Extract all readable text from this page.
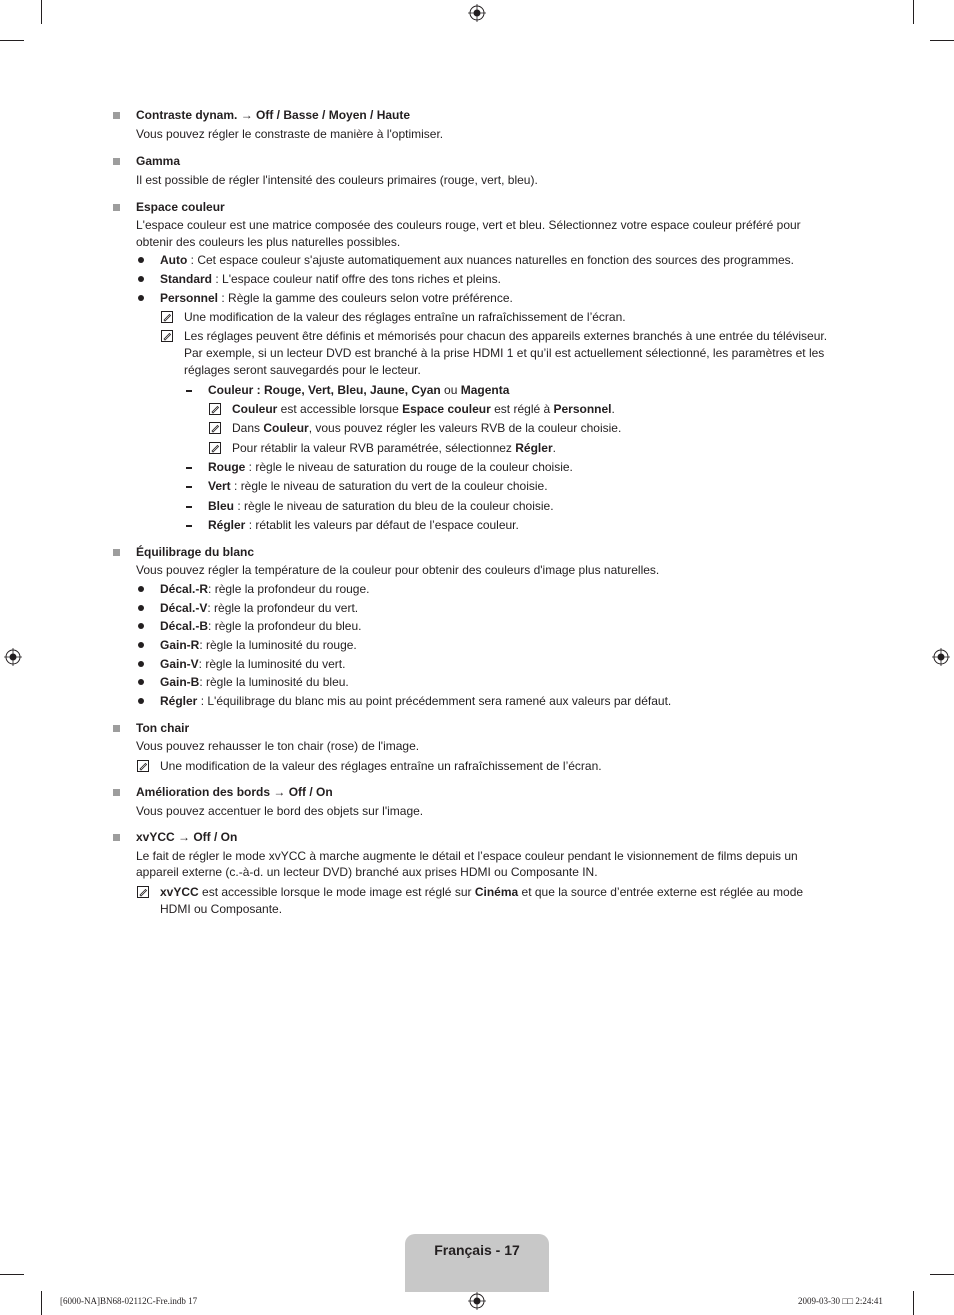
Contraste dynam. → Off / Basse / Moyen / Haute
Vous pouvez régler le constraste de manière à l'optimiser.
Gamma
Il est possible de régler l'intensité des couleurs primaires (rouge, vert, bleu).
Espace couleur
L'espace couleur est une matrice composée des couleurs rouge, vert et bleu. Sélectionnez votre espace couleur préféré pour
obtenir des couleurs les plus naturelles possibles.
Auto : Cet espace couleur s'ajuste automatiquement aux nuances naturelles en fonction des sources des programmes.
Standard : L'espace couleur natif offre des tons riches et pleins.
Personnel : Règle la gamme des couleurs selon votre préférence.
Une modification de la valeur des réglages entraîne un rafraîchissement de l’écran.
Les réglages peuvent être définis et mémorisés pour chacun des appareils externes branchés à une entrée du téléviseur.
Par exemple, si un lecteur DVD est branché à la prise HDMI 1 et qu’il est actuellement sélectionné, les paramètres et les
réglages seront sauvegardés pour le lecteur.
Couleur : Rouge, Vert, Bleu, Jaune, Cyan ou Magenta
Couleur est accessible lorsque Espace couleur est réglé à Personnel.
Dans Couleur, vous pouvez régler les valeurs RVB de la couleur choisie.
Pour rétablir la valeur RVB paramétrée, sélectionnez Régler.
Rouge : règle le niveau de saturation du rouge de la couleur choisie.
Vert : règle le niveau de saturation du vert de la couleur choisie.
Bleu : règle le niveau de saturation du bleu de la couleur choisie.
Régler : rétablit les valeurs par défaut de l’espace couleur.
Équilibrage du blanc
Vous pouvez régler la température de la couleur pour obtenir des couleurs d'image plus naturelles.
Décal.-R: règle la profondeur du rouge.
Décal.-V: règle la profondeur du vert.
Décal.-B: règle la profondeur du bleu.
Gain-R: règle la luminosité du rouge.
Gain-V: règle la luminosité du vert.
Gain-B: règle la luminosité du bleu.
Régler : L'équilibrage du blanc mis au point précédemment sera ramené aux valeurs par défaut.
Ton chair
Vous pouvez rehausser le ton chair (rose) de l'image.
Une modification de la valeur des réglages entraîne un rafraîchissement de l’écran.
Amélioration des bords → Off / On
Vous pouvez accentuer le bord des objets sur l'image.
xvYCC → Off / On
Le fait de régler le mode xvYCC à marche augmente le détail et l’espace couleur pendant le visionnement de films depuis un
appareil externe (c.-à-d. un lecteur DVD) branché aux prises HDMI ou Composante IN.
xvYCC est accessible lorsque le mode image est réglé sur Cinéma et que la source d’entrée externe est réglée au mode
HDMI ou Composante.
Français - 17
[6000-NA]BN68-02112C-Fre.indb 17	2009-03-30 □□ 2:24:41
